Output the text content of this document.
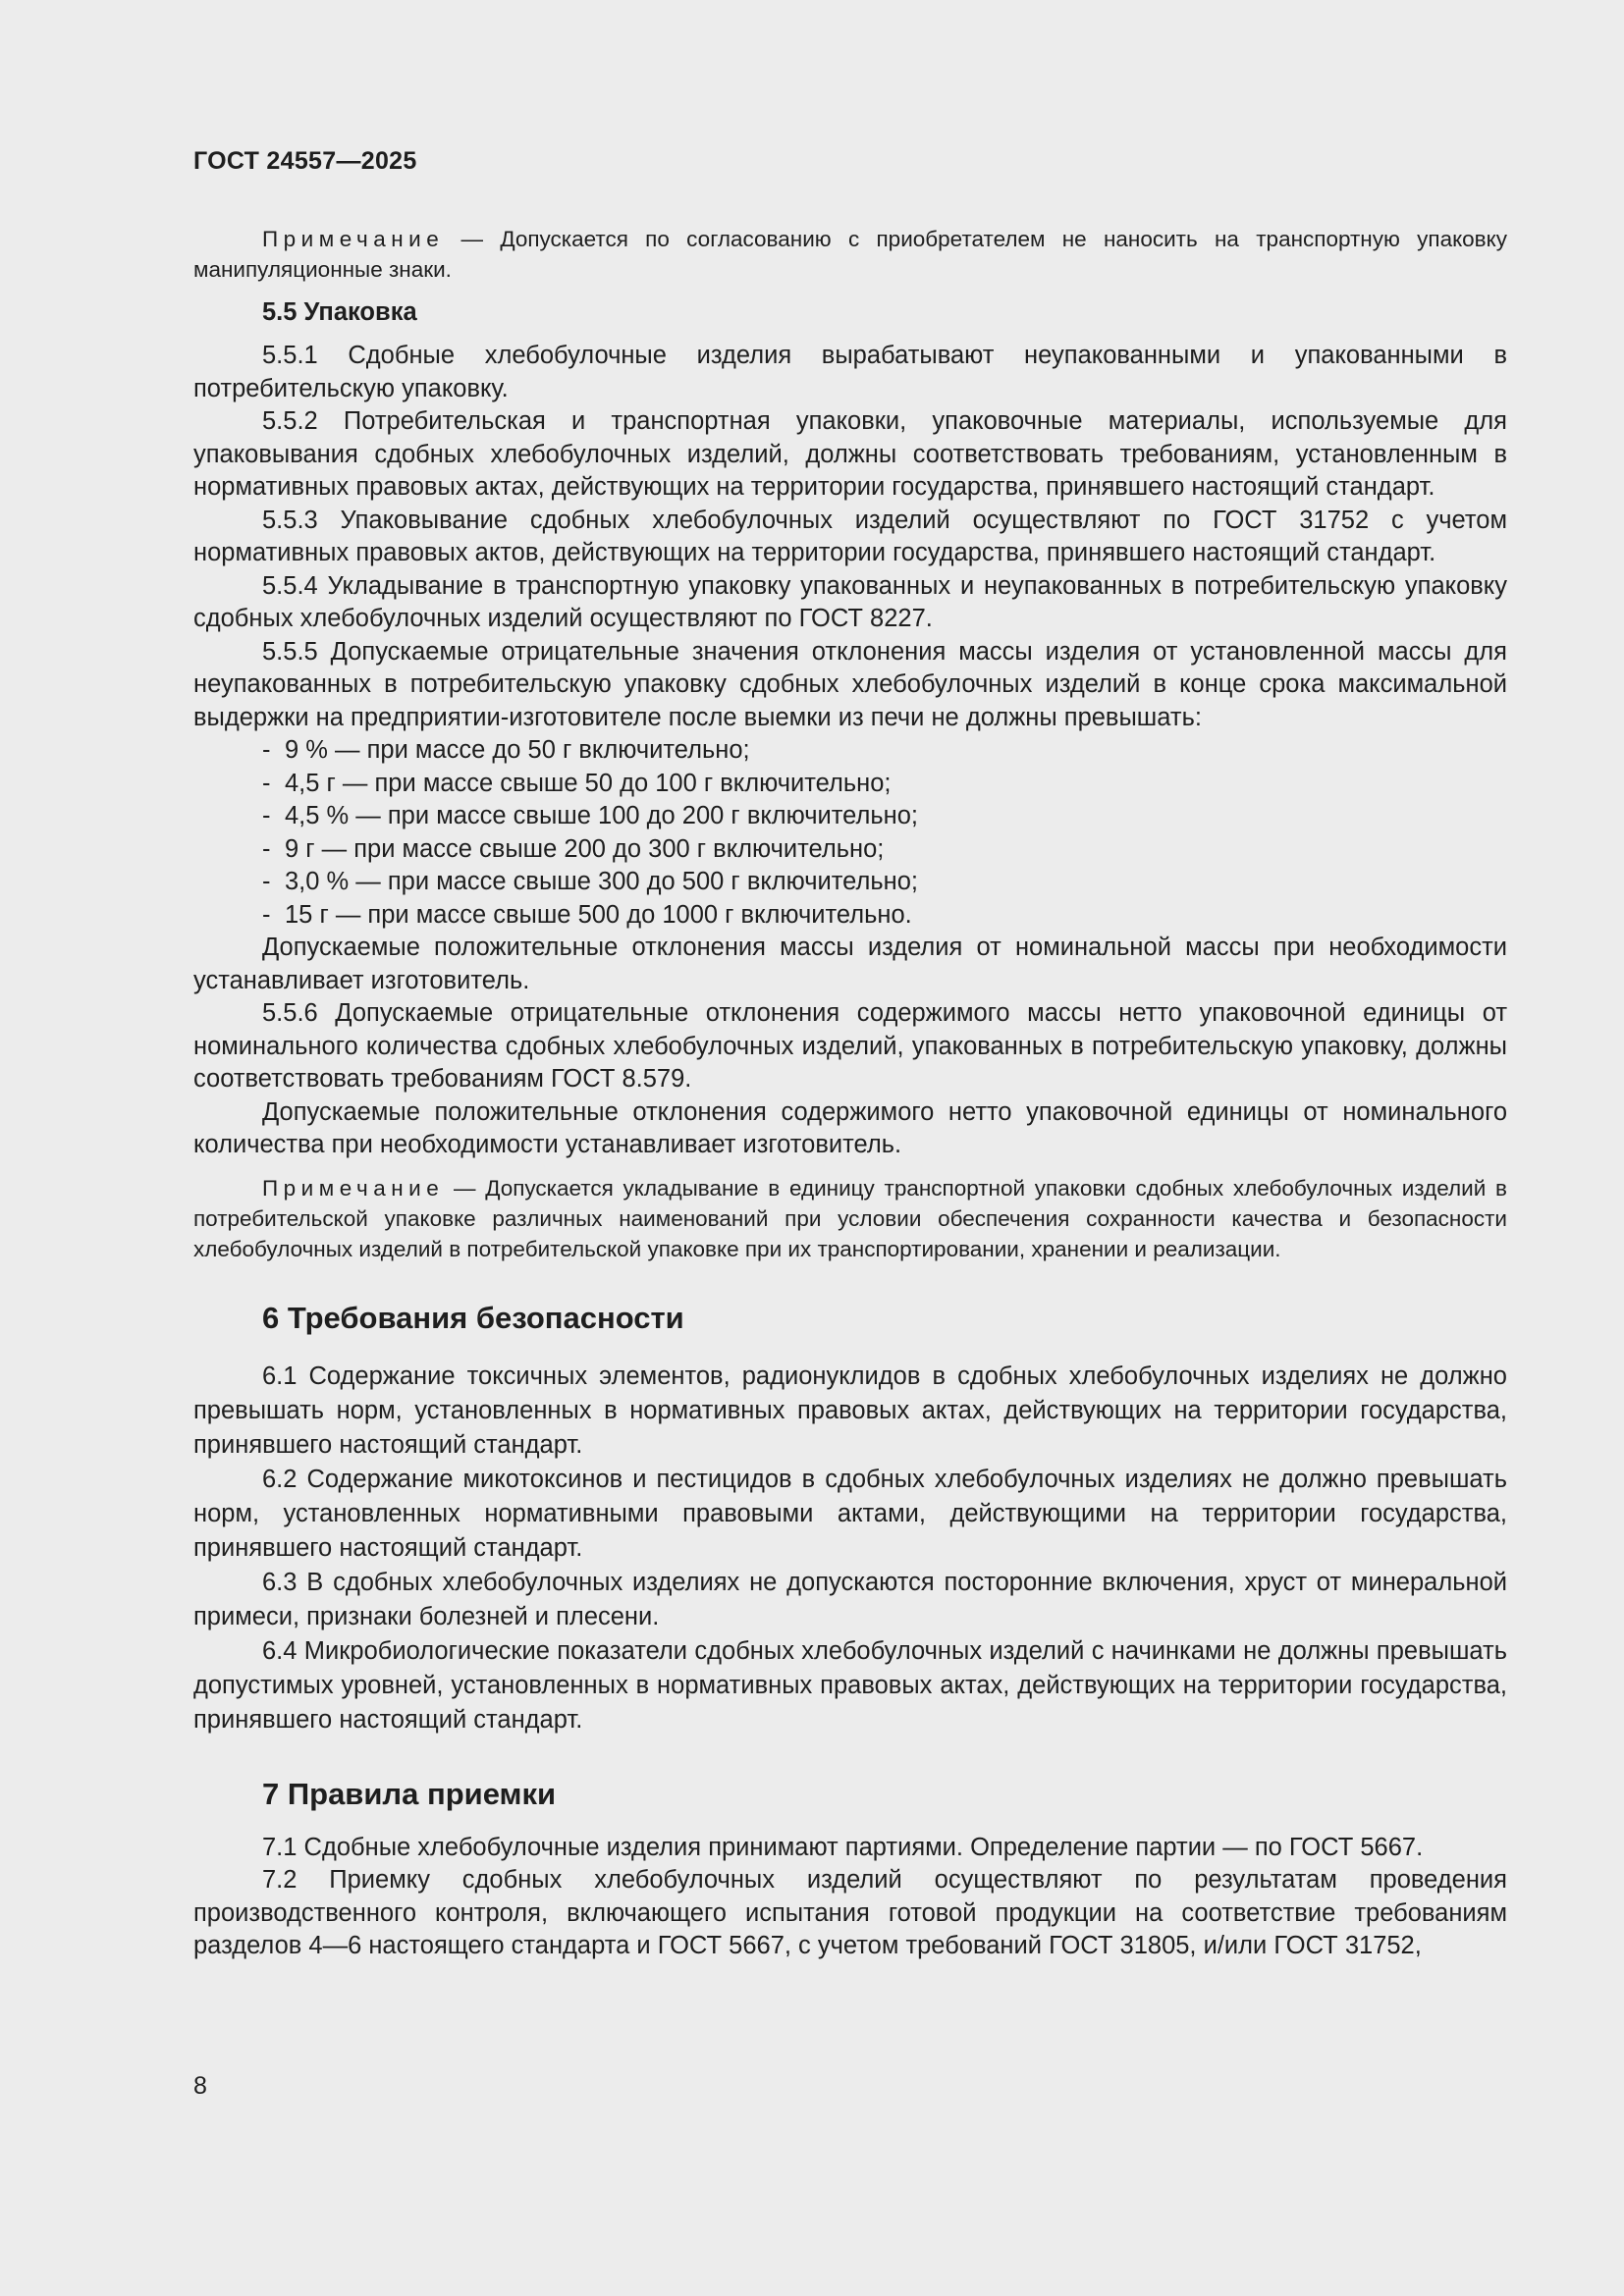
ГОСТ 24557—2025

Примечание — Допускается по согласованию с приобретателем не наносить на транспортную упаковку манипуляционные знаки.

5.5 Упаковка

5.5.1 Сдобные хлебобулочные изделия вырабатывают неупакованными и упакованными в потребительскую упаковку.

5.5.2 Потребительская и транспортная упаковки, упаковочные материалы, используемые для упаковывания сдобных хлебобулочных изделий, должны соответствовать требованиям, установленным в нормативных правовых актах, действующих на территории государства, принявшего настоящий стандарт.

5.5.3 Упаковывание сдобных хлебобулочных изделий осуществляют по ГОСТ 31752 с учетом нормативных правовых актов, действующих на территории государства, принявшего настоящий стандарт.

5.5.4 Укладывание в транспортную упаковку упакованных и неупакованных в потребительскую упаковку сдобных хлебобулочных изделий осуществляют по ГОСТ 8227.

5.5.5 Допускаемые отрицательные значения отклонения массы изделия от установленной массы для неупакованных в потребительскую упаковку сдобных хлебобулочных изделий в конце срока максимальной выдержки на предприятии-изготовителе после выемки из печи не должны превышать:

- 9 % — при массе до 50 г включительно;
- 4,5 г — при массе свыше 50 до 100 г включительно;
- 4,5 % — при массе свыше 100 до 200 г включительно;
- 9 г — при массе свыше 200 до 300 г включительно;
- 3,0 % — при массе свыше 300 до 500 г включительно;
- 15 г — при массе свыше 500 до 1000 г включительно.

Допускаемые положительные отклонения массы изделия от номинальной массы при необходимости устанавливает изготовитель.

5.5.6 Допускаемые отрицательные отклонения содержимого массы нетто упаковочной единицы от номинального количества сдобных хлебобулочных изделий, упакованных в потребительскую упаковку, должны соответствовать требованиям ГОСТ 8.579.

Допускаемые положительные отклонения содержимого нетто упаковочной единицы от номинального количества при необходимости устанавливает изготовитель.

Примечание — Допускается укладывание в единицу транспортной упаковки сдобных хлебобулочных изделий в потребительской упаковке различных наименований при условии обеспечения сохранности качества и безопасности хлебобулочных изделий в потребительской упаковке при их транспортировании, хранении и реализации.

6 Требования безопасности

6.1 Содержание токсичных элементов, радионуклидов в сдобных хлебобулочных изделиях не должно превышать норм, установленных в нормативных правовых актах, действующих на территории государства, принявшего настоящий стандарт.

6.2 Содержание микотоксинов и пестицидов в сдобных хлебобулочных изделиях не должно превышать норм, установленных нормативными правовыми актами, действующими на территории государства, принявшего настоящий стандарт.

6.3 В сдобных хлебобулочных изделиях не допускаются посторонние включения, хруст от минеральной примеси, признаки болезней и плесени.

6.4 Микробиологические показатели сдобных хлебобулочных изделий с начинками не должны превышать допустимых уровней, установленных в нормативных правовых актах, действующих на территории государства, принявшего настоящий стандарт.

7 Правила приемки

7.1 Сдобные хлебобулочные изделия принимают партиями. Определение партии — по ГОСТ 5667.

7.2 Приемку сдобных хлебобулочных изделий осуществляют по результатам проведения производственного контроля, включающего испытания готовой продукции на соответствие требованиям разделов 4—6 настоящего стандарта и ГОСТ 5667, с учетом требований ГОСТ 31805, и/или ГОСТ 31752,

8
